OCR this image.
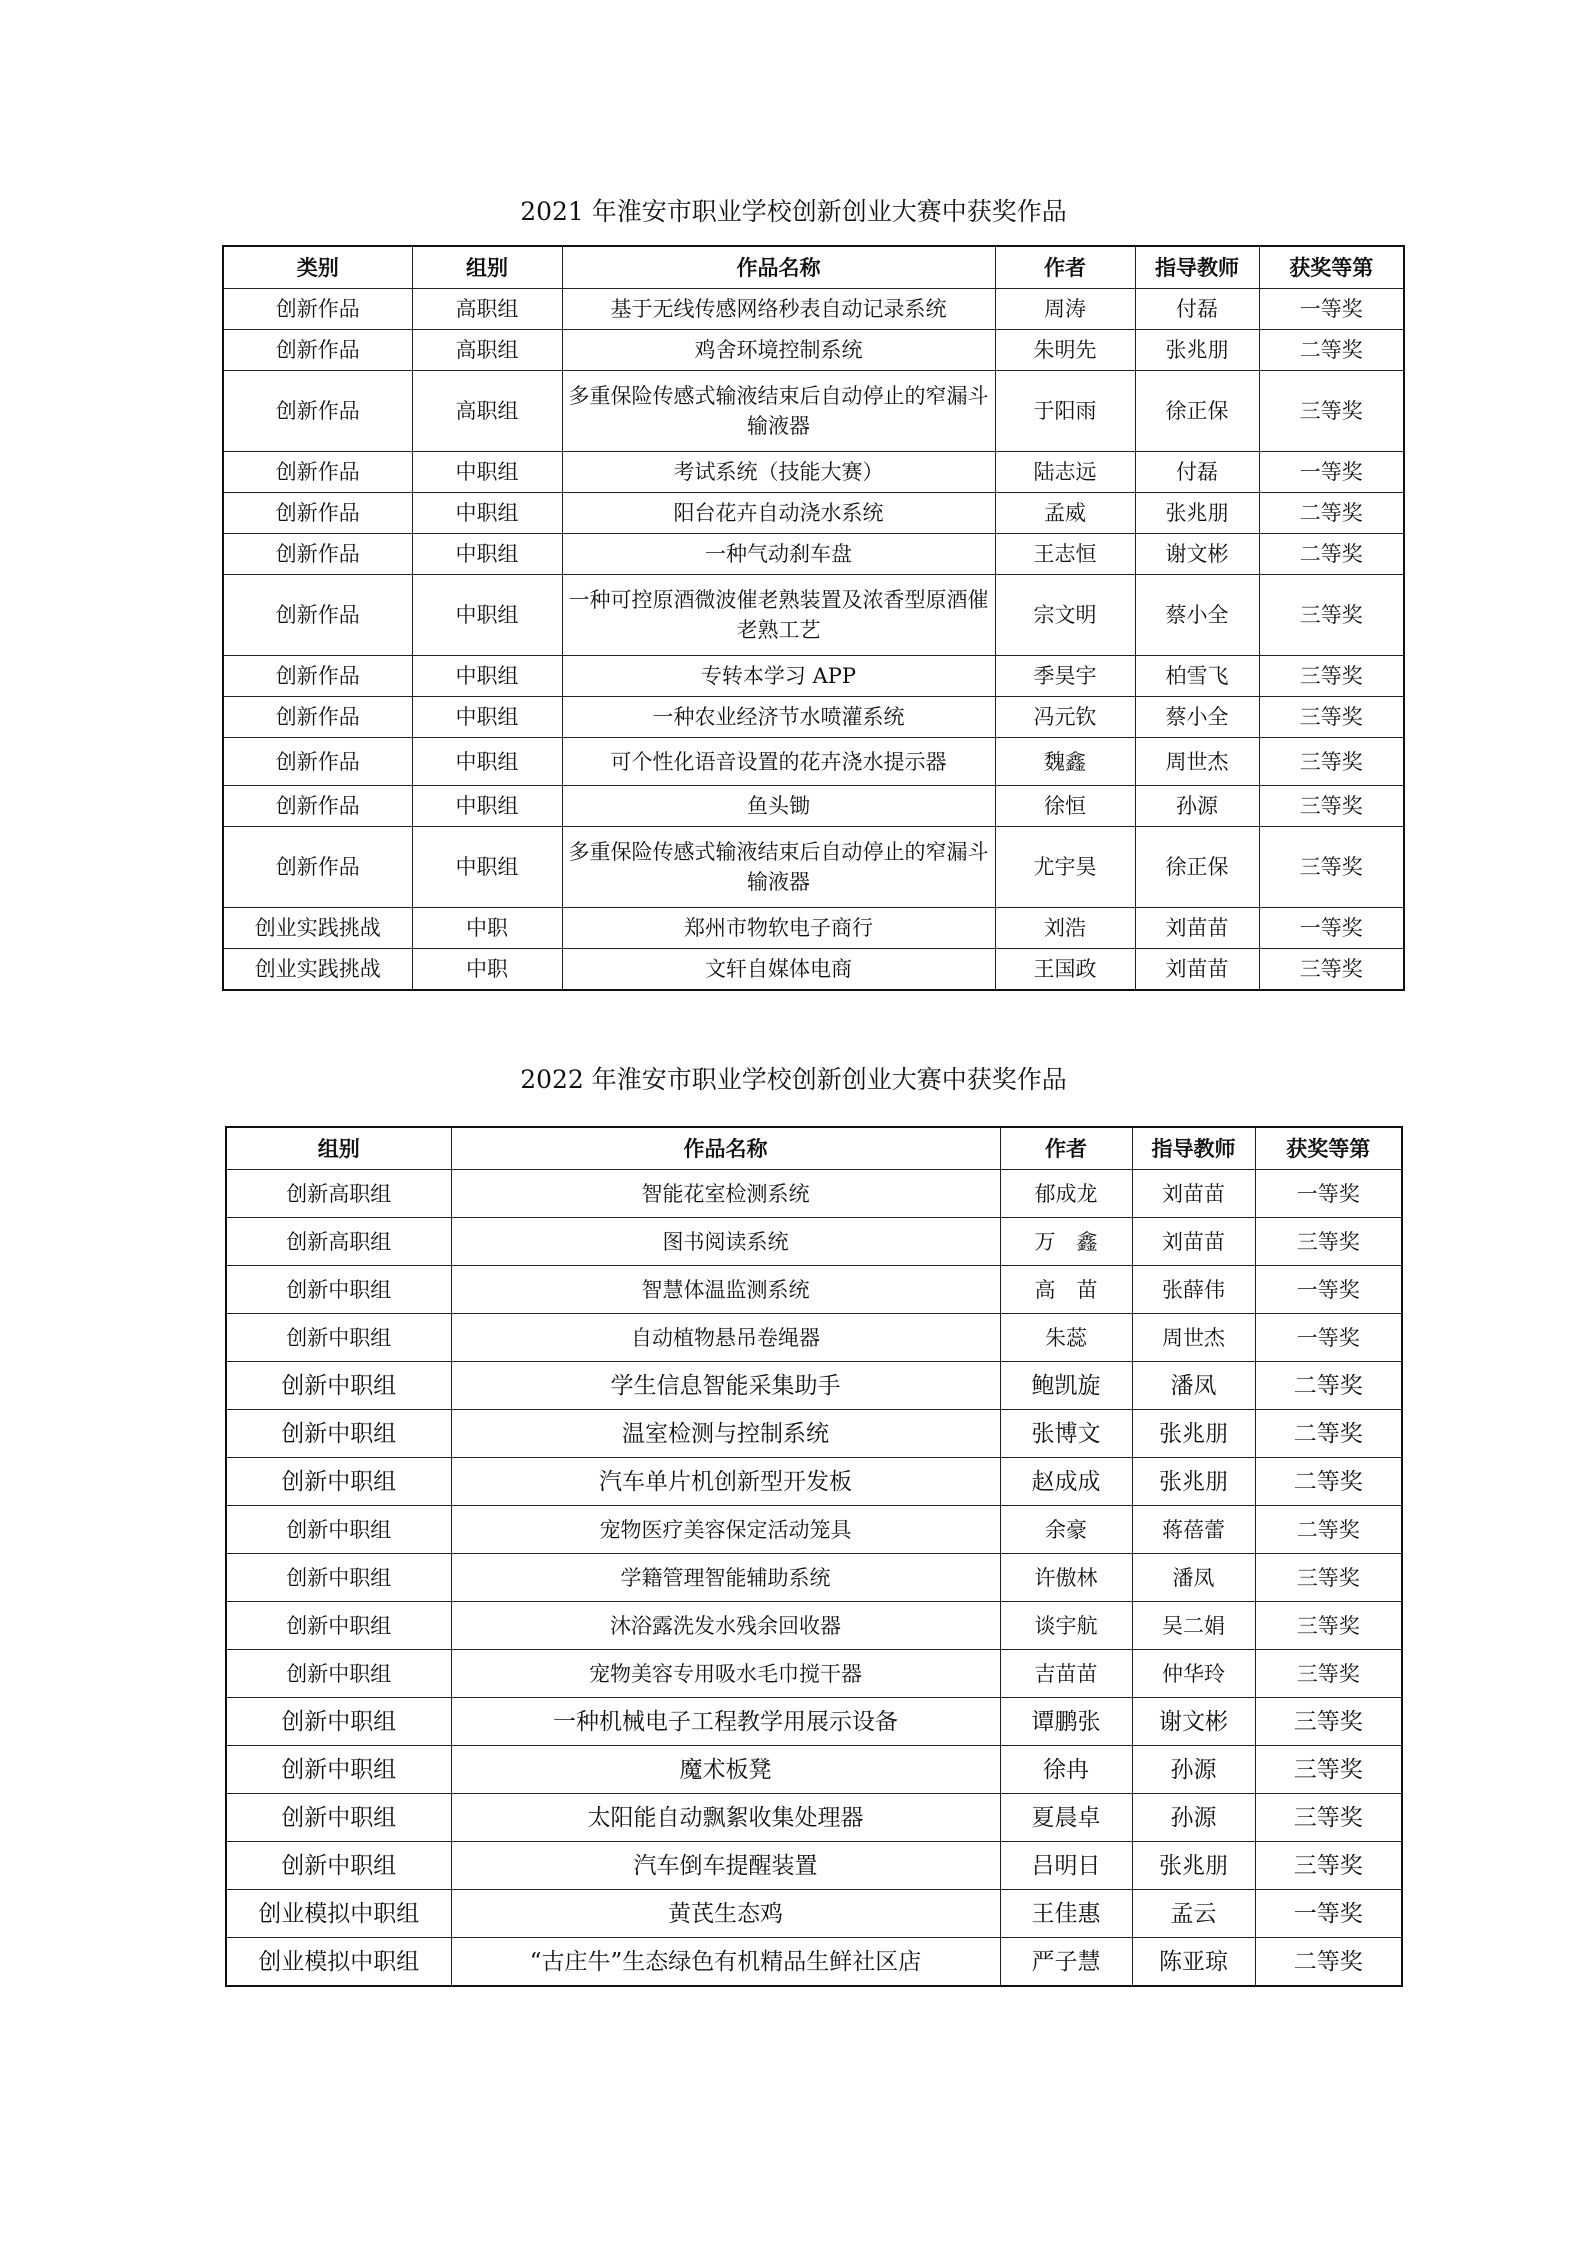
2021 年淮安市职业学校创新创业大赛中获奖作品
类别	组别	作品名称	作者	指导教师	获奖等第
创新作品	高职组	基于无线传感网络秒表自动记录系统	周涛	付磊	一等奖
创新作品	高职组	鸡舍环境控制系统	朱明先	张兆朋	二等奖
创新作品	高职组	多重保险传感式输液结束后自动停止的窄漏斗输液器	于阳雨	徐正保	三等奖
创新作品	中职组	考试系统（技能大赛）	陆志远	付磊	一等奖
创新作品	中职组	阳台花卉自动浇水系统	孟威	张兆朋	二等奖
创新作品	中职组	一种气动刹车盘	王志恒	谢文彬	二等奖
创新作品	中职组	一种可控原酒微波催老熟装置及浓香型原酒催老熟工艺	宗文明	蔡小全	三等奖
创新作品	中职组	专转本学习 APP	季昊宇	柏雪飞	三等奖
创新作品	中职组	一种农业经济节水喷灌系统	冯元钦	蔡小全	三等奖
创新作品	中职组	可个性化语音设置的花卉浇水提示器	魏鑫	周世杰	三等奖
创新作品	中职组	鱼头锄	徐恒	孙源	三等奖
创新作品	中职组	多重保险传感式输液结束后自动停止的窄漏斗输液器	尤宇昊	徐正保	三等奖
创业实践挑战	中职	郑州市物软电子商行	刘浩	刘苗苗	一等奖
创业实践挑战	中职	文轩自媒体电商	王国政	刘苗苗	三等奖
2022 年淮安市职业学校创新创业大赛中获奖作品
组别	作品名称	作者	指导教师	获奖等第
创新高职组	智能花室检测系统	郁成龙	刘苗苗	一等奖
创新高职组	图书阅读系统	万　鑫	刘苗苗	三等奖
创新中职组	智慧体温监测系统	高　苗	张薛伟	一等奖
创新中职组	自动植物悬吊卷绳器	朱蕊	周世杰	一等奖
创新中职组	学生信息智能采集助手	鲍凯旋	潘凤	二等奖
创新中职组	温室检测与控制系统	张博文	张兆朋	二等奖
创新中职组	汽车单片机创新型开发板	赵成成	张兆朋	二等奖
创新中职组	宠物医疗美容保定活动笼具	余豪	蒋蓓蕾	二等奖
创新中职组	学籍管理智能辅助系统	许傲林	潘凤	三等奖
创新中职组	沐浴露洗发水残余回收器	谈宇航	吴二娟	三等奖
创新中职组	宠物美容专用吸水毛巾搅干器	吉苗苗	仲华玲	三等奖
创新中职组	一种机械电子工程教学用展示设备	谭鹏张	谢文彬	三等奖
创新中职组	魔术板凳	徐冉	孙源	三等奖
创新中职组	太阳能自动飘絮收集处理器	夏晨卓	孙源	三等奖
创新中职组	汽车倒车提醒装置	吕明日	张兆朋	三等奖
创业模拟中职组	黄芪生态鸡	王佳惠	孟云	一等奖
创业模拟中职组	“古庄牛”生态绿色有机精品生鲜社区店	严子慧	陈亚琼	二等奖
